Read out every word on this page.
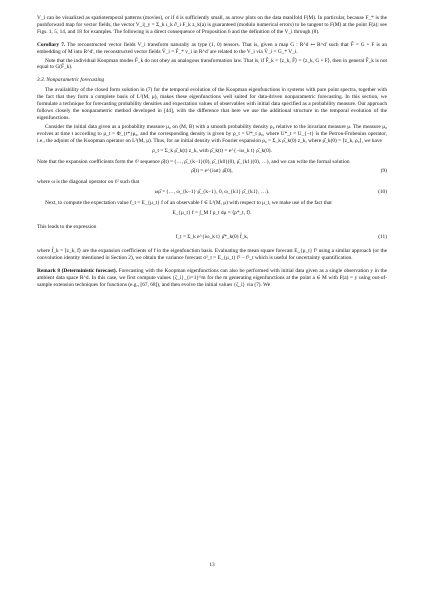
V_i can be visualized as spatiotemporal patterns (movies), or if d is sufficiently small, as arrow plots on the data manifold F(M). In particular, because F_* is the pushforward map for vector fields, the vector V_i|_y = Σ_k ι_k ∂_i F_k z_k(a) is guaranteed (modulo numerical errors) to be tangent to F(M) at the point F(a); see Figs. 1, 5, 14, and 18 for examples. The following is a direct consequence of Proposition 6 and the definition of the V_i through (8).

Corollary 7. The reconstructed vector fields V_i transform naturally as type (1, 0) tensors. That is, given a map G : R^d ↦ R^d' such that F̃ = G ∘ F is an embedding of M into R^d', the reconstructed vector fields Ṽ_i = F̃_* v_i in R^d' are related to the V_i via Ṽ_i = G_* V_i.

Note that the individual Koopman modes F̂_k do not obey an analogous transformation law. That is, if F̂_k = ⟨z_k, F̃⟩ = ⟨z_k, G ∘ F⟩, then in general F̂_k is not equal to G(F̂_k).

3.3. Nonparametric forecasting

The availability of the closed form solution in (7) for the temporal evolution of the Koopman eigenfunctions in systems with pure point spectra, together with the fact that they form a complete basis of L²(M, μ), makes these eigenfunctions well suited for data-driven nonparametric forecasting. In this section, we formulate a technique for forecasting probability densities and expectation values of observables with initial data specified as a probability measure. Our approach follows closely the nonparametric method developed in [44], with the difference that here we use the additional structure in the temporal evolution of the eigenfunctions.

Consider the initial data given as a probability measure μ₀ on (M, B) with a smooth probability density ρ₀ relative to the invariant measure μ. The measure μ₀ evolves at time t according to μ_t = Φ_{t*}μ₀, and the corresponding density is given by ρ_t = U*_t ρ₀, where U*_t = U_{−t} is the Perron-Frobenius operator, i.e., the adjoint of the Koopman operator on L²(M, μ). Thus, for an initial density with Fourier expansion ρ₀ = Σ_k ρ̂_k(0) z_k, where ρ̂_k(0) = ⟨z_k, ρ₀⟩, we have

ρ_t = Σ_k ρ̂_k(t) z_k, with ρ̂_k(t) = e^{−iω_k t} ρ̂_k(0).

Note that the expansion coefficients form the ℓ² sequence ρ̂(t) = (…, ρ̂_{k−1}(0), ρ̂_{k0}(0), ρ̂_{k1}(0), …), and we can write the formal solution

ρ̂(t) = e^{iωt} ρ̂(0),	(9)

where ω is the diagonal operator on ℓ² such that

ωρ̂ = (…, ω_{k−1} ρ̂_{k−1}, 0, ω_{k1} ρ̂_{k1}, …).	(10)

Next, to compute the expectation value f_t = E_{μ_t} f of an observable f ∈ L²(M, μ) with respect to μ_t, we make use of the fact that

E_{μ_t} f = ∫_M f ρ_t dμ = ⟨ρ*_t, f⟩.

This leads to the expression

f_t = Σ_k e^{iω_k t} ρ̂*_k(0) f̂_k,	(11)

where f̂_k = ⟨z_k, f⟩ are the expansion coefficients of f in the eigenfunction basis. Evaluating the mean square forecast E_{μ_t} f² using a similar approach (or the convolution identity mentioned in Section 2), we obtain the variance forecast σ²_t = E_{μ_t} f² − f²_t which is useful for uncertainty quantification.

Remark 8 (Deterministic forecast). Forecasting with the Koopman eigenfunctions can also be performed with initial data given as a single observation y in the ambient data space R^d. In this case, we first compute values {ζ_i}_{i=1}^m for the m generating eigenfunctions at the point a ∈ M with F(a) = y using out-of-sample extension techniques for functions (e.g., [67, 68]), and then evolve the initial values {ζ_i} via (7). We

13
